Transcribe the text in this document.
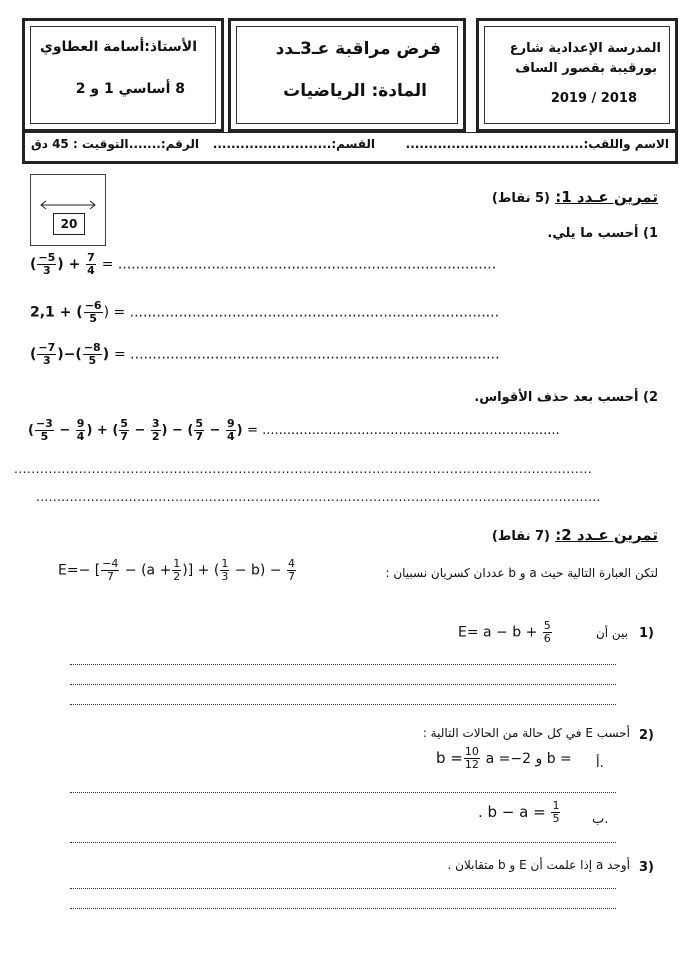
الأستاذ:أسامة العطاوي
8 أساسي 1 و 2
فرض مراقبة عـ3ـدد
المادة: الرياضيات
المدرسة الإعدادية شارع
بورقيبة بقصور الساف
2019 / 2018
الاسم واللقب:.......................................
القسم:..........................
الرقم:..........
التوقيت : 45 دق
20
تمرين عـدد 1: (5 نقاط)
1) أحسب ما يلي.
( $\frac{-5}{3}$ ) + $\frac{7}{4}$ = .....................................................................................
2,1 + ( $\frac{-6}{5}$ ) = ...................................................................................
( $\frac{-7}{3}$ )−( $\frac{-8}{5}$ ) = ...................................................................................
2) أحسب بعد حذف الأقواس.
( $\frac{-3}{5} - \frac{9}{4}$ ) + ( $\frac{5}{7} - \frac{3}{2}$ ) − ( $\frac{5}{7} - \frac{9}{4}$ ) = ........................................................................
......................................................................................................................................
......................................................................................................................................
تمرين عـدد 2: (7 نقاط)
لتكن العبارة التالية حيث a و b عددان كسريان نسبيان :
E=− [ $\frac{-4}{7} - (a + \frac{1}{2}$ )] + ( $\frac{1}{3} - b) - \frac{4}{7}$
1)
بين أن
$E= a - b + \frac{5}{6}$
2)
أحسب E في كل حالة من الحالات التالية :
أ.
$b = \frac{10}{12}$ a =−2 و b =
ب.
. $b - a = \frac{1}{5}$
3)
أوجد a إذا علمت أن E و b متقابلان .
